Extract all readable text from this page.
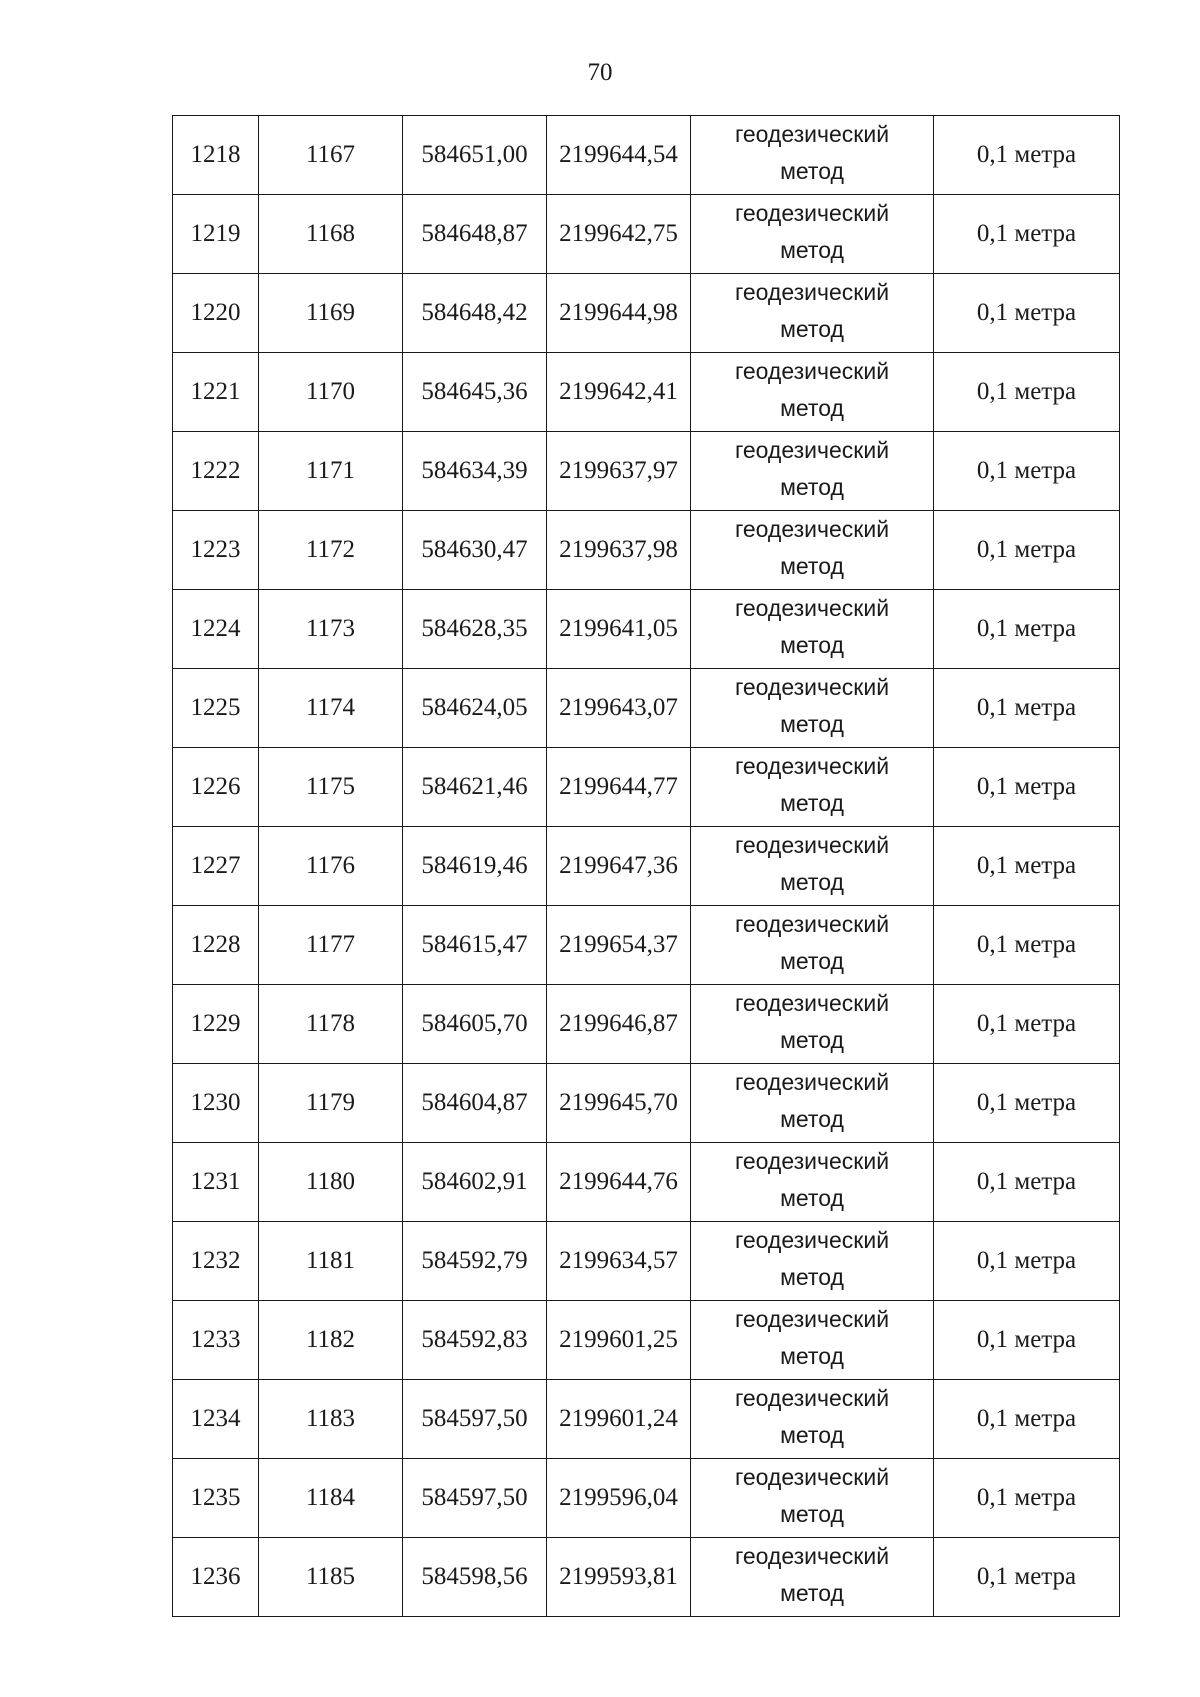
70
1218	1167	584651,00	2199644,54	геодезический
метод	0,1 метра
1219	1168	584648,87	2199642,75	геодезический
метод	0,1 метра
1220	1169	584648,42	2199644,98	геодезический
метод	0,1 метра
1221	1170	584645,36	2199642,41	геодезический
метод	0,1 метра
1222	1171	584634,39	2199637,97	геодезический
метод	0,1 метра
1223	1172	584630,47	2199637,98	геодезический
метод	0,1 метра
1224	1173	584628,35	2199641,05	геодезический
метод	0,1 метра
1225	1174	584624,05	2199643,07	геодезический
метод	0,1 метра
1226	1175	584621,46	2199644,77	геодезический
метод	0,1 метра
1227	1176	584619,46	2199647,36	геодезический
метод	0,1 метра
1228	1177	584615,47	2199654,37	геодезический
метод	0,1 метра
1229	1178	584605,70	2199646,87	геодезический
метод	0,1 метра
1230	1179	584604,87	2199645,70	геодезический
метод	0,1 метра
1231	1180	584602,91	2199644,76	геодезический
метод	0,1 метра
1232	1181	584592,79	2199634,57	геодезический
метод	0,1 метра
1233	1182	584592,83	2199601,25	геодезический
метод	0,1 метра
1234	1183	584597,50	2199601,24	геодезический
метод	0,1 метра
1235	1184	584597,50	2199596,04	геодезический
метод	0,1 метра
1236	1185	584598,56	2199593,81	геодезический
метод	0,1 метра
